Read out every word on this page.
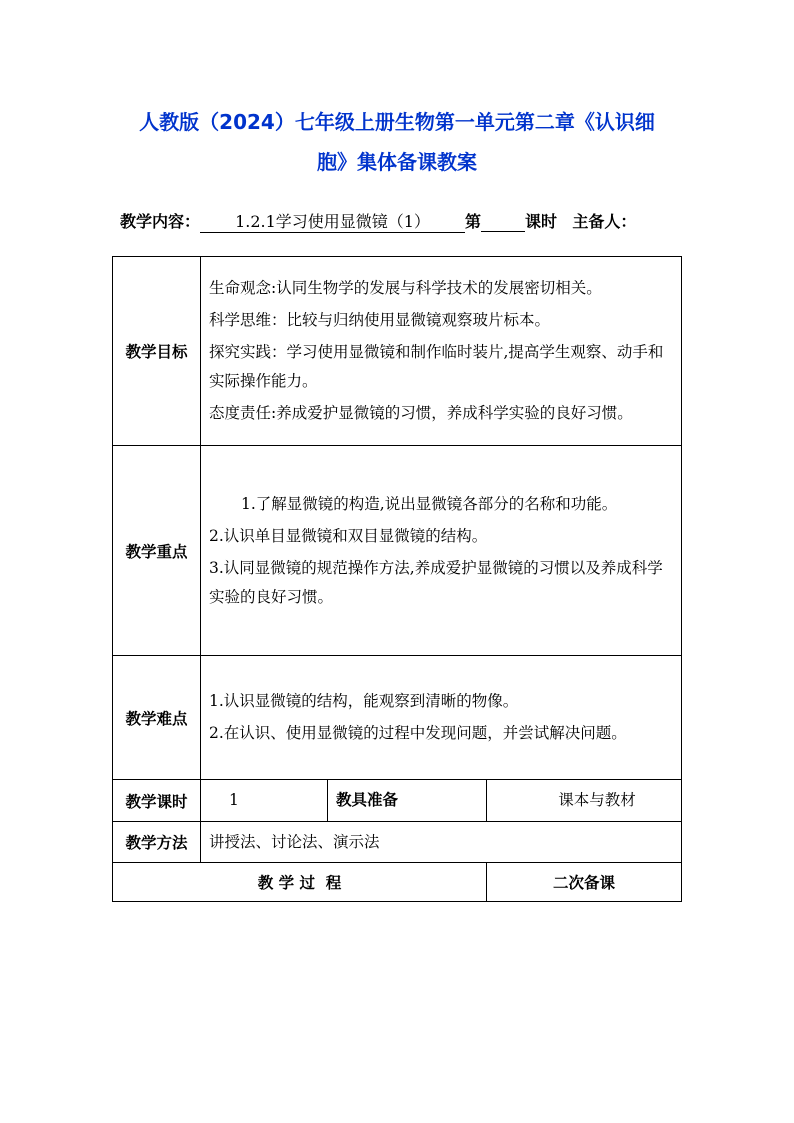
人教版（2024）七年级上册生物第一单元第二章《认识细
胞》集体备课教案
教学内容： 1.2.1学习使用显微镜（1） 第	课时 主备人：
教学目标	生命观念:认同生物学的发展与科学技术的发展密切相关。

科学思维：比较与归纳使用显微镜观察玻片标本。

探究实践：学习使用显微镜和制作临时装片,提高学生观察、动手和实际操作能力。

态度责任:养成爱护显微镜的习惯，养成科学实验的良好习惯。		

教学重点	1.了解显微镜的构造,说出显微镜各部分的名称和功能。

2.认识单目显微镜和双目显微镜的结构。

3.认同显微镜的规范操作方法,养成爱护显微镜的习惯以及养成科学实验的良好习惯。		

教学难点	1.认识显微镜的结构，能观察到清晰的物像。

2.在认识、使用显微镜的过程中发现问题，并尝试解决问题。		

教学课时	1	教具准备	课本与教材
教学方法	讲授法、讨论法、演示法		
教 学 过  程			二次备课
